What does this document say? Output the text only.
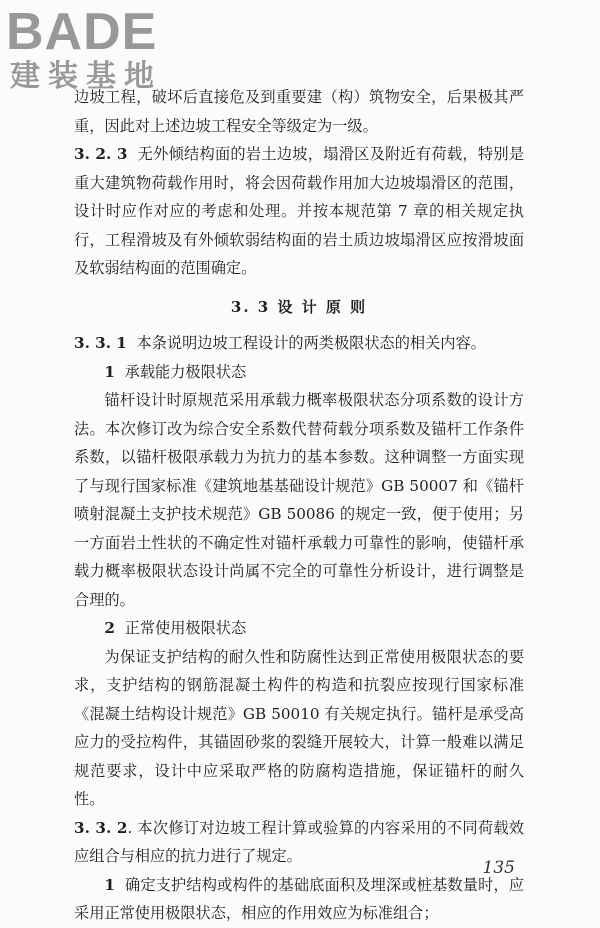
BADE
建装基地

边坡工程，破坏后直接危及到重要建（构）筑物安全，后果极其严重，因此对上述边坡工程安全等级定为一级。

3. 2. 3 无外倾结构面的岩土边坡，塌滑区及附近有荷载，特别是重大建筑物荷载作用时，将会因荷载作用加大边坡塌滑区的范围，设计时应作对应的考虑和处理。并按本规范第 7 章的相关规定执行，工程滑坡及有外倾软弱结构面的岩土质边坡塌滑区应按滑坡面及软弱结构面的范围确定。

3. 3 设 计 原 则

3. 3. 1 本条说明边坡工程设计的两类极限状态的相关内容。

1 承载能力极限状态

锚杆设计时原规范采用承载力概率极限状态分项系数的设计方法。本次修订改为综合安全系数代替荷载分项系数及锚杆工作条件系数，以锚杆极限承载力为抗力的基本参数。这种调整一方面实现了与现行国家标准《建筑地基基础设计规范》GB 50007 和《锚杆喷射混凝土支护技术规范》GB 50086 的规定一致，便于使用；另一方面岩土性状的不确定性对锚杆承载力可靠性的影响，使锚杆承载力概率极限状态设计尚属不完全的可靠性分析设计，进行调整是合理的。

2 正常使用极限状态

为保证支护结构的耐久性和防腐性达到正常使用极限状态的要求，支护结构的钢筋混凝土构件的构造和抗裂应按现行国家标准《混凝土结构设计规范》GB 50010 有关规定执行。锚杆是承受高应力的受拉构件，其锚固砂浆的裂缝开展较大，计算一般难以满足规范要求，设计中应采取严格的防腐构造措施，保证锚杆的耐久性。

3. 3. 2. 本次修订对边坡工程计算或验算的内容采用的不同荷载效应组合与相应的抗力进行了规定。

1 确定支护结构或构件的基础底面积及埋深或桩基数量时，应采用正常使用极限状态，相应的作用效应为标准组合；

135
